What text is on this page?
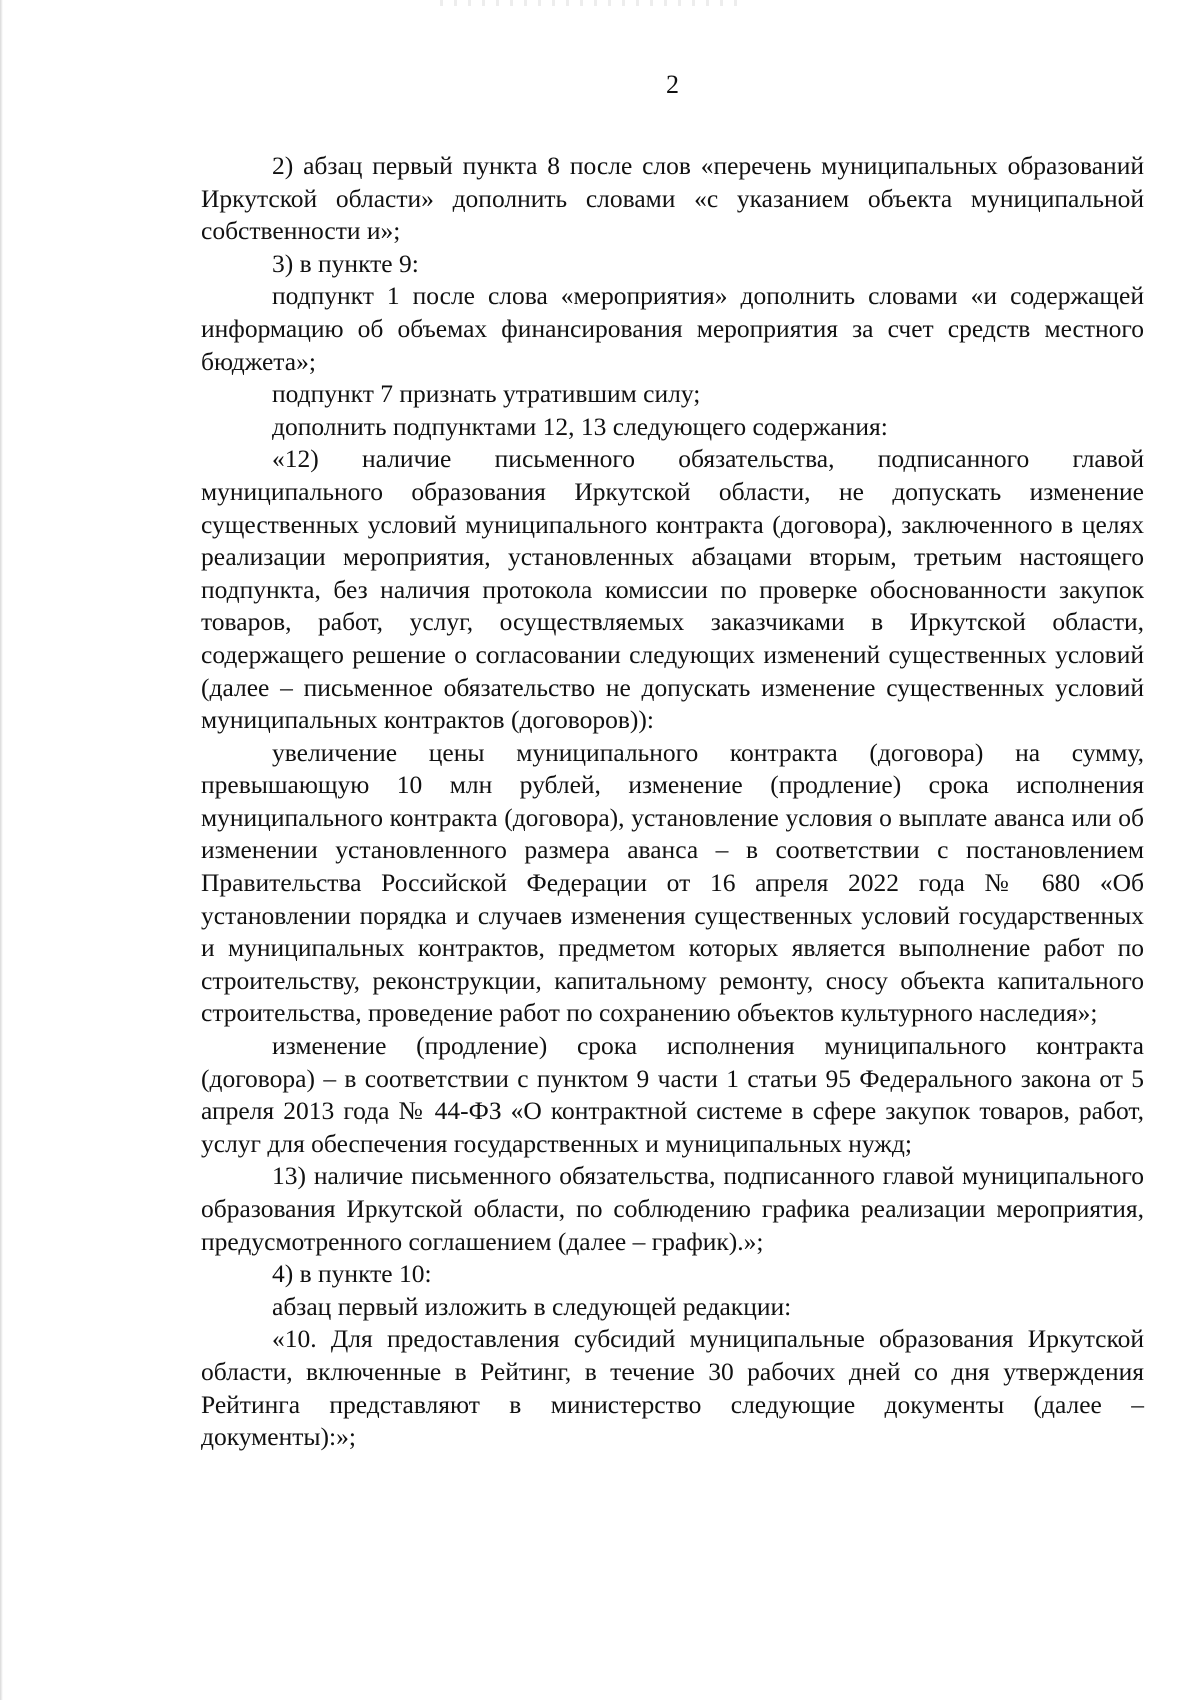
2

2) абзац первый пункта 8 после слов «перечень муниципальных образований Иркутской области» дополнить словами «с указанием объекта муниципальной собственности и»;

3) в пункте 9:

подпункт 1 после слова «мероприятия» дополнить словами «и содержащей информацию об объемах финансирования мероприятия за счет средств местного бюджета»;

подпункт 7 признать утратившим силу;

дополнить подпунктами 12, 13 следующего содержания:

«12) наличие письменного обязательства, подписанного главой муниципального образования Иркутской области, не допускать изменение существенных условий муниципального контракта (договора), заключенного в целях реализации мероприятия, установленных абзацами вторым, третьим настоящего подпункта, без наличия протокола комиссии по проверке обоснованности закупок товаров, работ, услуг, осуществляемых заказчиками в Иркутской области, содержащего решение о согласовании следующих изменений существенных условий (далее – письменное обязательство не допускать изменение существенных условий муниципальных контрактов (договоров)):

увеличение цены муниципального контракта (договора) на сумму, превышающую 10 млн рублей, изменение (продление) срока исполнения муниципального контракта (договора), установление условия о выплате аванса или об изменении установленного размера аванса – в соответствии с постановлением Правительства Российской Федерации от 16 апреля 2022 года № 680 «Об установлении порядка и случаев изменения существенных условий государственных и муниципальных контрактов, предметом которых является выполнение работ по строительству, реконструкции, капитальному ремонту, сносу объекта капитального строительства, проведение работ по сохранению объектов культурного наследия»;

изменение (продление) срока исполнения муниципального контракта (договора) – в соответствии с пунктом 9 части 1 статьи 95 Федерального закона от 5 апреля 2013 года № 44-ФЗ «О контрактной системе в сфере закупок товаров, работ, услуг для обеспечения государственных и муниципальных нужд;

13) наличие письменного обязательства, подписанного главой муниципального образования Иркутской области, по соблюдению графика реализации мероприятия, предусмотренного соглашением (далее – график).»;

4) в пункте 10:

абзац первый изложить в следующей редакции:

«10. Для предоставления субсидий муниципальные образования Иркутской области, включенные в Рейтинг, в течение 30 рабочих дней со дня утверждения Рейтинга представляют в министерство следующие документы (далее – документы):»;
